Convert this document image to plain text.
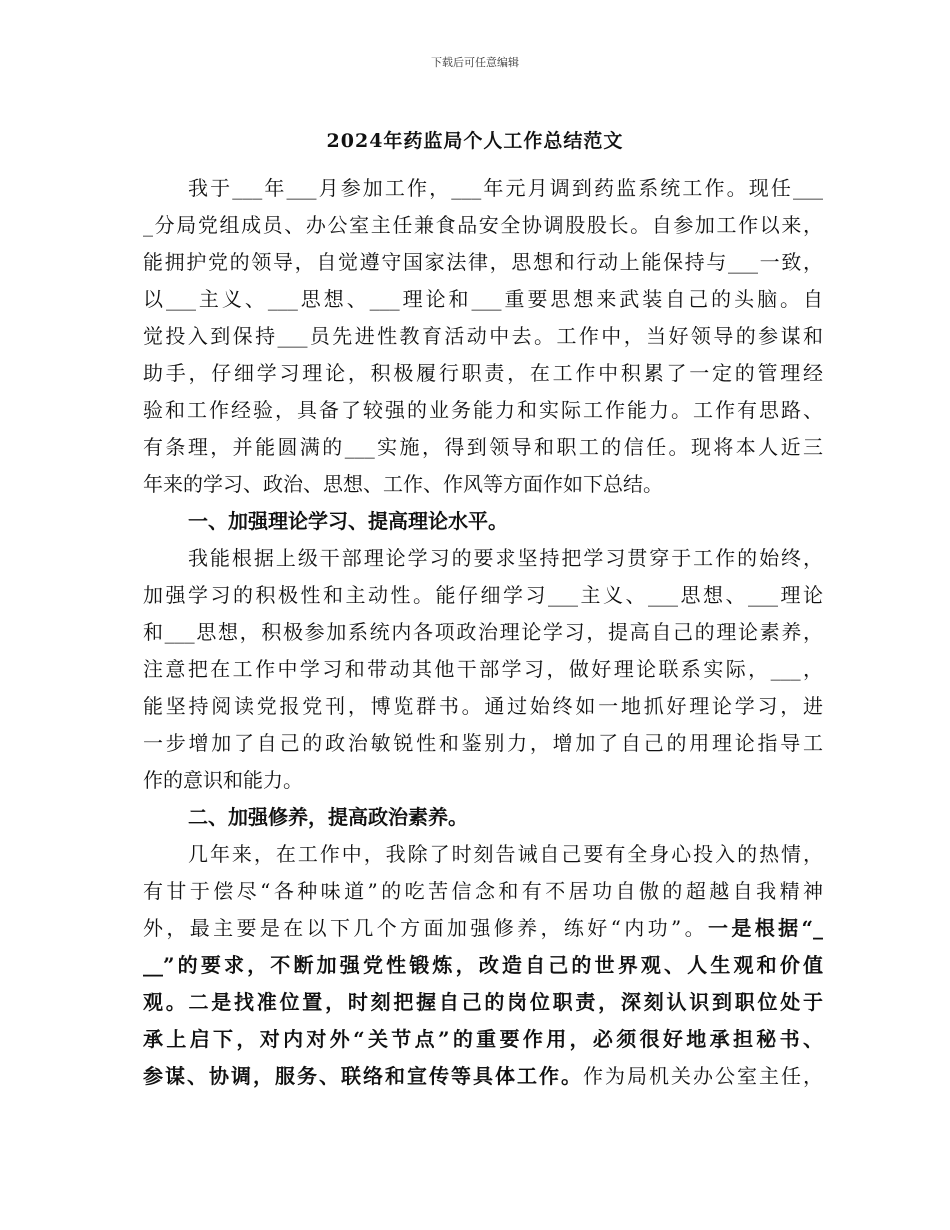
下载后可任意编辑
2024年药监局个人工作总结范文
我于___年___月参加工作，___年元月调到药监系统工作。现任___
_分局党组成员、办公室主任兼食品安全协调股股长。自参加工作以来，
能拥护党的领导，自觉遵守国家法律，思想和行动上能保持与___一致，
以___主义、___思想、___理论和___重要思想来武装自己的头脑。自
觉投入到保持___员先进性教育活动中去。工作中，当好领导的参谋和
助手，仔细学习理论，积极履行职责，在工作中积累了一定的管理经
验和工作经验，具备了较强的业务能力和实际工作能力。工作有思路、
有条理，并能圆满的___实施，得到领导和职工的信任。现将本人近三
年来的学习、政治、思想、工作、作风等方面作如下总结。
一、加强理论学习、提高理论水平。
我能根据上级干部理论学习的要求坚持把学习贯穿于工作的始终，
加强学习的积极性和主动性。能仔细学习___主义、___思想、___理论
和___思想，积极参加系统内各项政治理论学习，提高自己的理论素养，
注意把在工作中学习和带动其他干部学习，做好理论联系实际，___，
能坚持阅读党报党刊，博览群书。通过始终如一地抓好理论学习，进
一步增加了自己的政治敏锐性和鉴别力，增加了自己的用理论指导工
作的意识和能力。
二、加强修养，提高政治素养。
几年来，在工作中，我除了时刻告诫自己要有全身心投入的热情，
有甘于偿尽“各种味道”的吃苦信念和有不居功自傲的超越自我精神
外，最主要是在以下几个方面加强修养，练好“内功”。一是根据“_
__”的要求，不断加强党性锻炼，改造自己的世界观、人生观和价值
观。二是找准位置，时刻把握自己的岗位职责，深刻认识到职位处于
承上启下，对内对外“关节点”的重要作用，必须很好地承担秘书、
参谋、协调，服务、联络和宣传等具体工作。作为局机关办公室主任，
